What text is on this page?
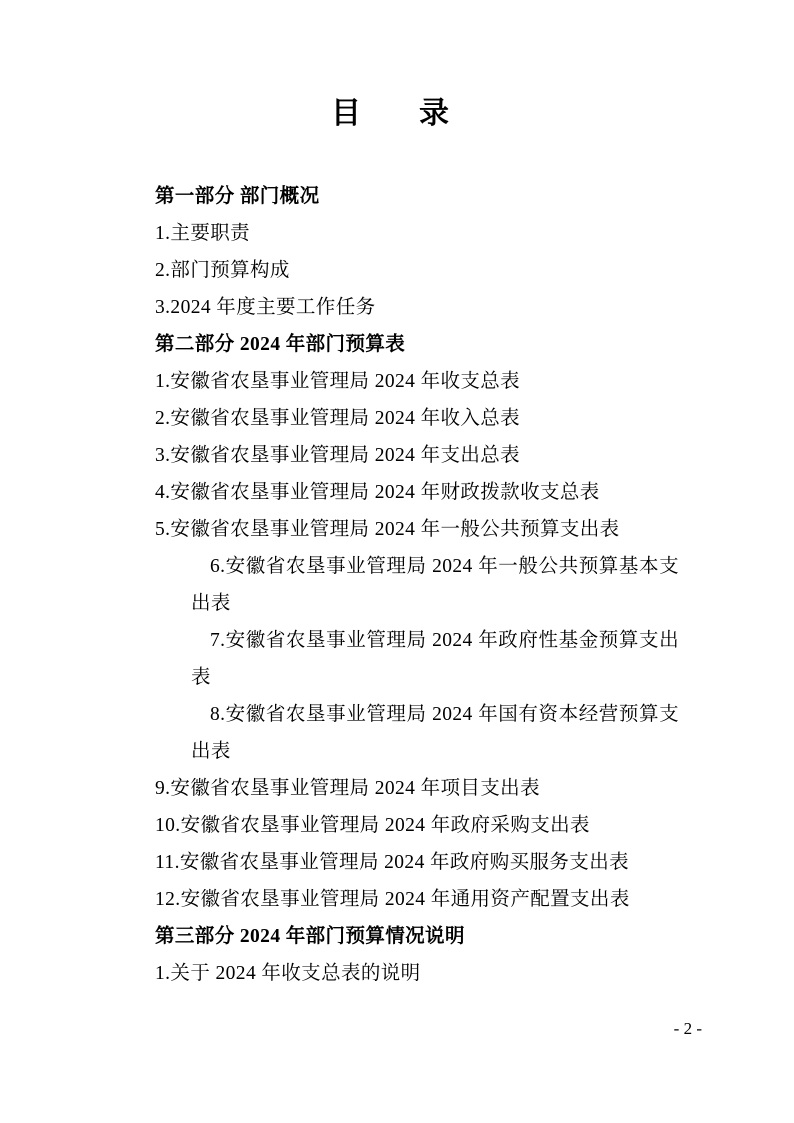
目　录
第一部分 部门概况
1.主要职责
2.部门预算构成
3.2024 年度主要工作任务
第二部分 2024 年部门预算表
1.安徽省农垦事业管理局 2024 年收支总表
2.安徽省农垦事业管理局 2024 年收入总表
3.安徽省农垦事业管理局 2024 年支出总表
4.安徽省农垦事业管理局 2024 年财政拨款收支总表
5.安徽省农垦事业管理局 2024 年一般公共预算支出表
6.安徽省农垦事业管理局 2024 年一般公共预算基本支出表
7.安徽省农垦事业管理局 2024 年政府性基金预算支出表
8.安徽省农垦事业管理局 2024 年国有资本经营预算支出表
9.安徽省农垦事业管理局 2024 年项目支出表
10.安徽省农垦事业管理局 2024 年政府采购支出表
11.安徽省农垦事业管理局 2024 年政府购买服务支出表
12.安徽省农垦事业管理局 2024 年通用资产配置支出表
第三部分 2024 年部门预算情况说明
1.关于 2024 年收支总表的说明
- 2 -
